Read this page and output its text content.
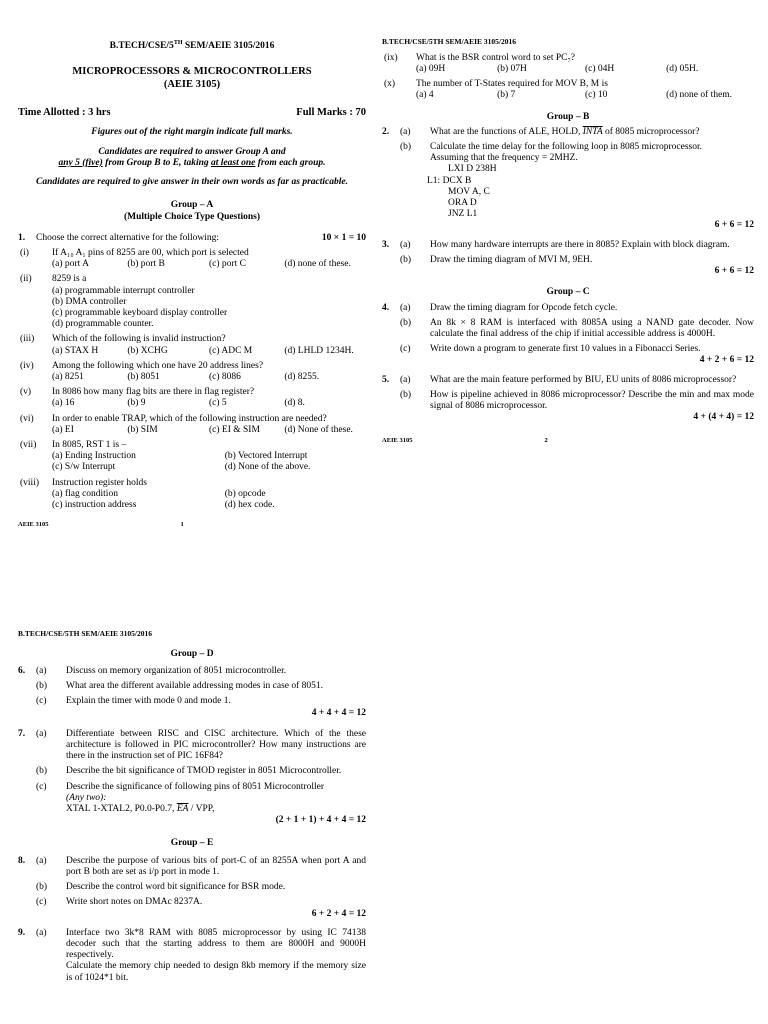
B.TECH/CSE/5TH SEM/AEIE 3105/2016
MICROPROCESSORS & MICROCONTROLLERS
(AEIE 3105)
Time Allotted : 3 hrs	Full Marks : 70
Figures out of the right margin indicate full marks.
Candidates are required to answer Group A and
any 5 (five) from Group B to E, taking at least one from each group.
Candidates are required to give answer in their own words as far as practicable.
Group – A
(Multiple Choice Type Questions)
1.	Choose the correct alternative for the following:	10 × 1 = 10
(i)	If A₁₀ A₁ pins of 8255 are 00, which port is selected
(a) port A	(b) port B	(c) port C	(d) none of these.
(ii)	8259 is a
(a) programmable interrupt controller
(b) DMA controller
(c) programmable keyboard display controller
(d) programmable counter.
(iii)	Which of the following is invalid instruction?
(a) STAX H	(b) XCHG	(c) ADC M	(d) LHLD 1234H.
(iv)	Among the following which one have 20 address lines?
(a) 8251	(b) 8051	(c) 8086	(d) 8255.
(v)	In 8086 how many flag bits are there in flag register?
(a) 16	(b) 9	(c) 5	(d) 8.
(vi)	In order to enable TRAP, which of the following instruction are needed?
(a) EI	(b) SIM	(c) EI & SIM	(d) None of these.
(vii)	In 8085, RST 1 is –
(a) Ending Instruction	(b) Vectored Interrupt
(c) S/w Interrupt	(d) None of the above.
(viii)	Instruction register holds
(a) flag condition	(b) opcode
(c) instruction address	(d) hex code.
AEIE 3105	1
B.TECH/CSE/5TH SEM/AEIE 3105/2016
(ix)	What is the BSR control word to set PC₇?
(a) 09H	(b) 07H	(c) 04H	(d) 05H.
(x)	The number of T-States required for MOV B, M is
(a) 4	(b) 7	(c) 10	(d) none of them.
Group – B
2.	(a)	What are the functions of ALE, HOLD, INTA of 8085 microprocessor?
(b)	Calculate the time delay for the following loop in 8085 microprocessor.
Assuming that the frequency = 2MHZ.
LXI D 238H
L1: DCX B
MOV A, C
ORA D
JNZ L1
6 + 6 = 12
3.	(a)	How many hardware interrupts are there in 8085? Explain with block diagram.
(b)	Draw the timing diagram of MVI M, 9EH.
6 + 6 = 12
Group – C
4.	(a)	Draw the timing diagram for Opcode fetch cycle.
(b)	An 8k × 8 RAM is interfaced with 8085A using a NAND gate decoder. Now calculate the final address of the chip if initial accessible address is 4000H.
(c)	Write down a program to generate first 10 values in a Fibonacci Series.
4 + 2 + 6 = 12
5.	(a)	What are the main feature performed by BIU, EU units of 8086 microprocessor?
(b)	How is pipeline achieved in 8086 microprocessor? Describe the min and max mode signal of 8086 microprocessor.
4 + (4 + 4) = 12
AEIE 3105	2
B.TECH/CSE/5TH SEM/AEIE 3105/2016
Group – D
6.	(a)	Discuss on memory organization of 8051 microcontroller.
(b)	What area the different available addressing modes in case of 8051.
(c)	Explain the timer with mode 0 and mode 1.
4 + 4 + 4 = 12
7.	(a)	Differentiate between RISC and CISC architecture. Which of the these architecture is followed in PIC microcontroller? How many instructions are there in the instruction set of PIC 16F84?
(b)	Describe the bit significance of TMOD register in 8051 Microcontroller.
(c)	Describe the significance of following pins of 8051 Microcontroller
(Any two):
XTAL 1-XTAL2, P0.0-P0.7, $\overline{EA}$ / VPP,
(2 + 1 + 1) + 4 + 4 = 12
Group – E
8.	(a)	Describe the purpose of various bits of port-C of an 8255A when port A and port B both are set as i/p port in mode 1.
(b)	Describe the control word bit significance for BSR mode.
(c)	Write short notes on DMAc 8237A.
6 + 2 + 4 = 12
9.	(a)	Interface two 3k*8 RAM with 8085 microprocessor by using IC 74138 decoder such that the starting address to them are 8000H and 9000H respectively.
Calculate the memory chip needed to design 8kb memory if the memory size is of 1024*1 bit.
